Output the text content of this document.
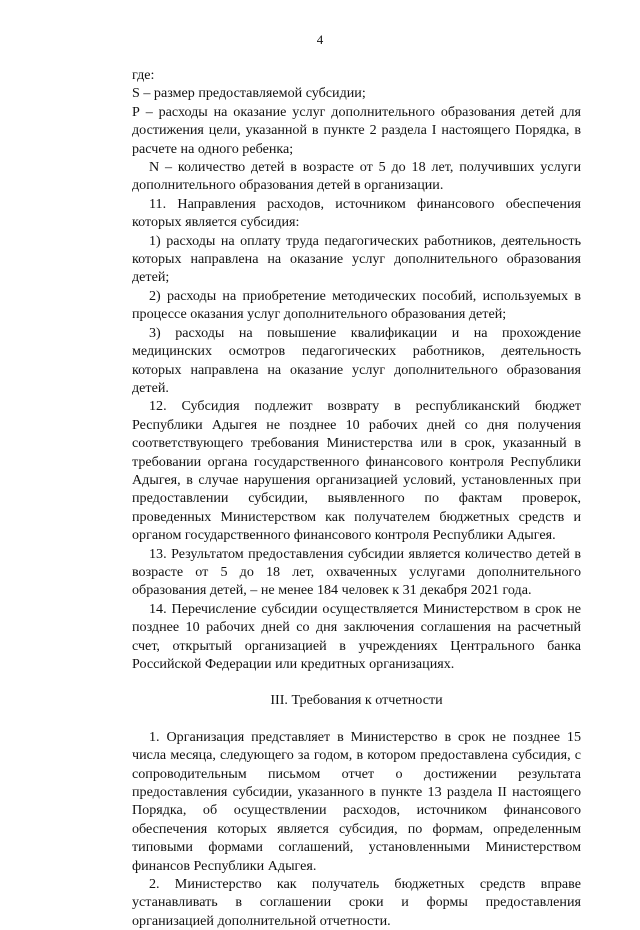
4

где:

S – размер предоставляемой субсидии;

Р – расходы на оказание услуг дополнительного образования детей для достижения цели, указанной в пункте 2 раздела I настоящего Порядка, в расчете на одного ребенка;

N – количество детей в возрасте от 5 до 18 лет, получивших услуги дополнительного образования детей в организации.

11. Направления расходов, источником финансового обеспечения которых является субсидия:

1) расходы на оплату труда педагогических работников, деятельность которых направлена на оказание услуг дополнительного образования детей;

2) расходы на приобретение методических пособий, используемых в процессе оказания услуг дополнительного образования детей;

3) расходы на повышение квалификации и на прохождение медицинских осмотров педагогических работников, деятельность которых направлена на оказание услуг дополнительного образования детей.

12. Субсидия подлежит возврату в республиканский бюджет Республики Адыгея не позднее 10 рабочих дней со дня получения соответствующего требования Министерства или в срок, указанный в требовании органа государственного финансового контроля Республики Адыгея, в случае нарушения организацией условий, установленных при предоставлении субсидии, выявленного по фактам проверок, проведенных Министерством как получателем бюджетных средств и органом государственного финансового контроля Республики Адыгея.

13. Результатом предоставления субсидии является количество детей в возрасте от 5 до 18 лет, охваченных услугами дополнительного образования детей, – не менее 184 человек к 31 декабря 2021 года.

14. Перечисление субсидии осуществляется Министерством в срок не позднее 10 рабочих дней со дня заключения соглашения на расчетный счет, открытый организацией в учреждениях Центрального банка Российской Федерации или кредитных организациях.

III. Требования к отчетности

1. Организация представляет в Министерство в срок не позднее 15 числа месяца, следующего за годом, в котором предоставлена субсидия, с сопроводительным письмом отчет о достижении результата предоставления субсидии, указанного в пункте 13 раздела II настоящего Порядка, об осуществлении расходов, источником финансового обеспечения которых является субсидия, по формам, определенным типовыми формами соглашений, установленными Министерством финансов Республики Адыгея.

2. Министерство как получатель бюджетных средств вправе устанавливать в соглашении сроки и формы предоставления организацией дополнительной отчетности.
